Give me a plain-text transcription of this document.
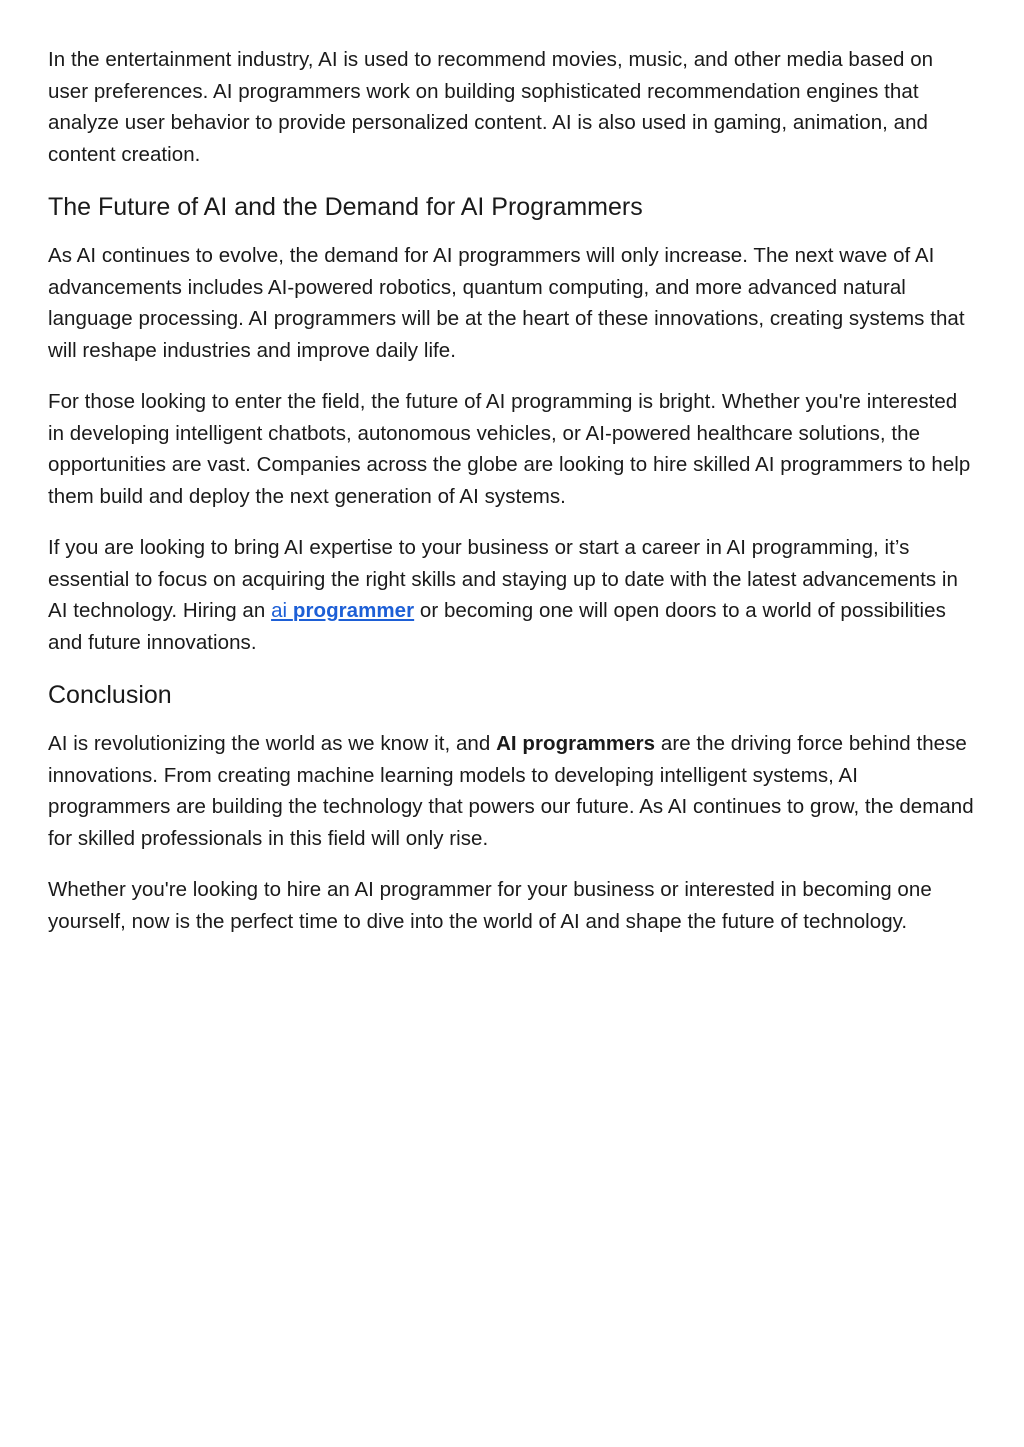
In the entertainment industry, AI is used to recommend movies, music, and other media based on user preferences. AI programmers work on building sophisticated recommendation engines that analyze user behavior to provide personalized content. AI is also used in gaming, animation, and content creation.

The Future of AI and the Demand for AI Programmers

As AI continues to evolve, the demand for AI programmers will only increase. The next wave of AI advancements includes AI-powered robotics, quantum computing, and more advanced natural language processing. AI programmers will be at the heart of these innovations, creating systems that will reshape industries and improve daily life.

For those looking to enter the field, the future of AI programming is bright. Whether you're interested in developing intelligent chatbots, autonomous vehicles, or AI-powered healthcare solutions, the opportunities are vast. Companies across the globe are looking to hire skilled AI programmers to help them build and deploy the next generation of AI systems.

If you are looking to bring AI expertise to your business or start a career in AI programming, it’s essential to focus on acquiring the right skills and staying up to date with the latest advancements in AI technology. Hiring an ai programmer or becoming one will open doors to a world of possibilities and future innovations.

Conclusion

AI is revolutionizing the world as we know it, and AI programmers are the driving force behind these innovations. From creating machine learning models to developing intelligent systems, AI programmers are building the technology that powers our future. As AI continues to grow, the demand for skilled professionals in this field will only rise.

Whether you're looking to hire an AI programmer for your business or interested in becoming one yourself, now is the perfect time to dive into the world of AI and shape the future of technology.
